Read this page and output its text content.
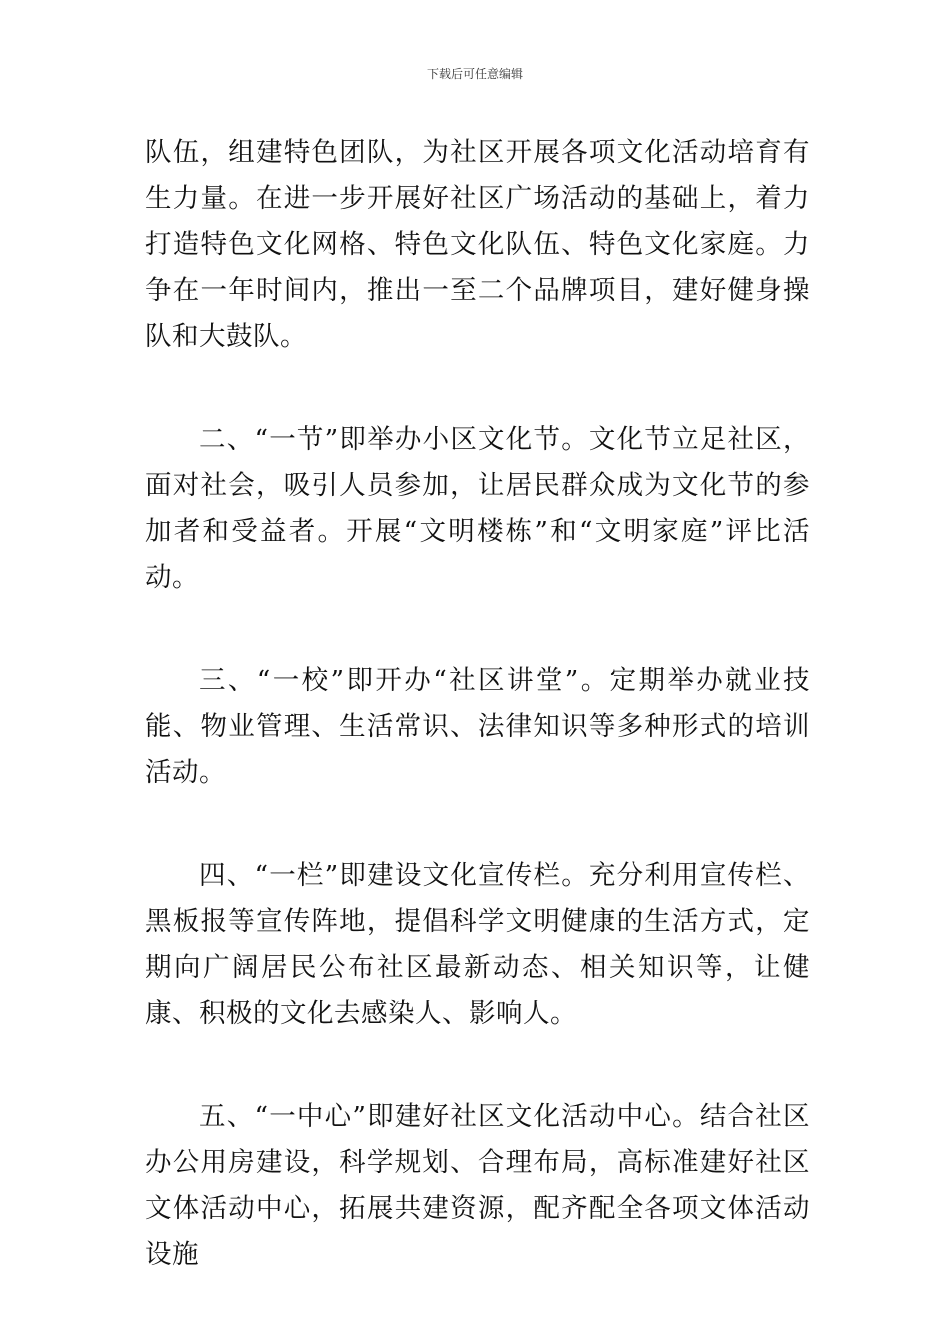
下载后可任意编辑

队伍，组建特色团队，为社区开展各项文化活动培育有生力量。在进一步开展好社区广场活动的基础上，着力打造特色文化网格、特色文化队伍、特色文化家庭。力争在一年时间内，推出一至二个品牌项目，建好健身操队和大鼓队。

二、“一节”即举办小区文化节。文化节立足社区，面对社会，吸引人员参加，让居民群众成为文化节的参加者和受益者。开展“文明楼栋”和“文明家庭”评比活动。

三、“一校”即开办“社区讲堂”。定期举办就业技能、物业管理、生活常识、法律知识等多种形式的培训活动。

四、“一栏”即建设文化宣传栏。充分利用宣传栏、黑板报等宣传阵地，提倡科学文明健康的生活方式，定期向广阔居民公布社区最新动态、相关知识等，让健康、积极的文化去感染人、影响人。

五、“一中心”即建好社区文化活动中心。结合社区办公用房建设，科学规划、合理布局，高标准建好社区文体活动中心，拓展共建资源，配齐配全各项文体活动设施
